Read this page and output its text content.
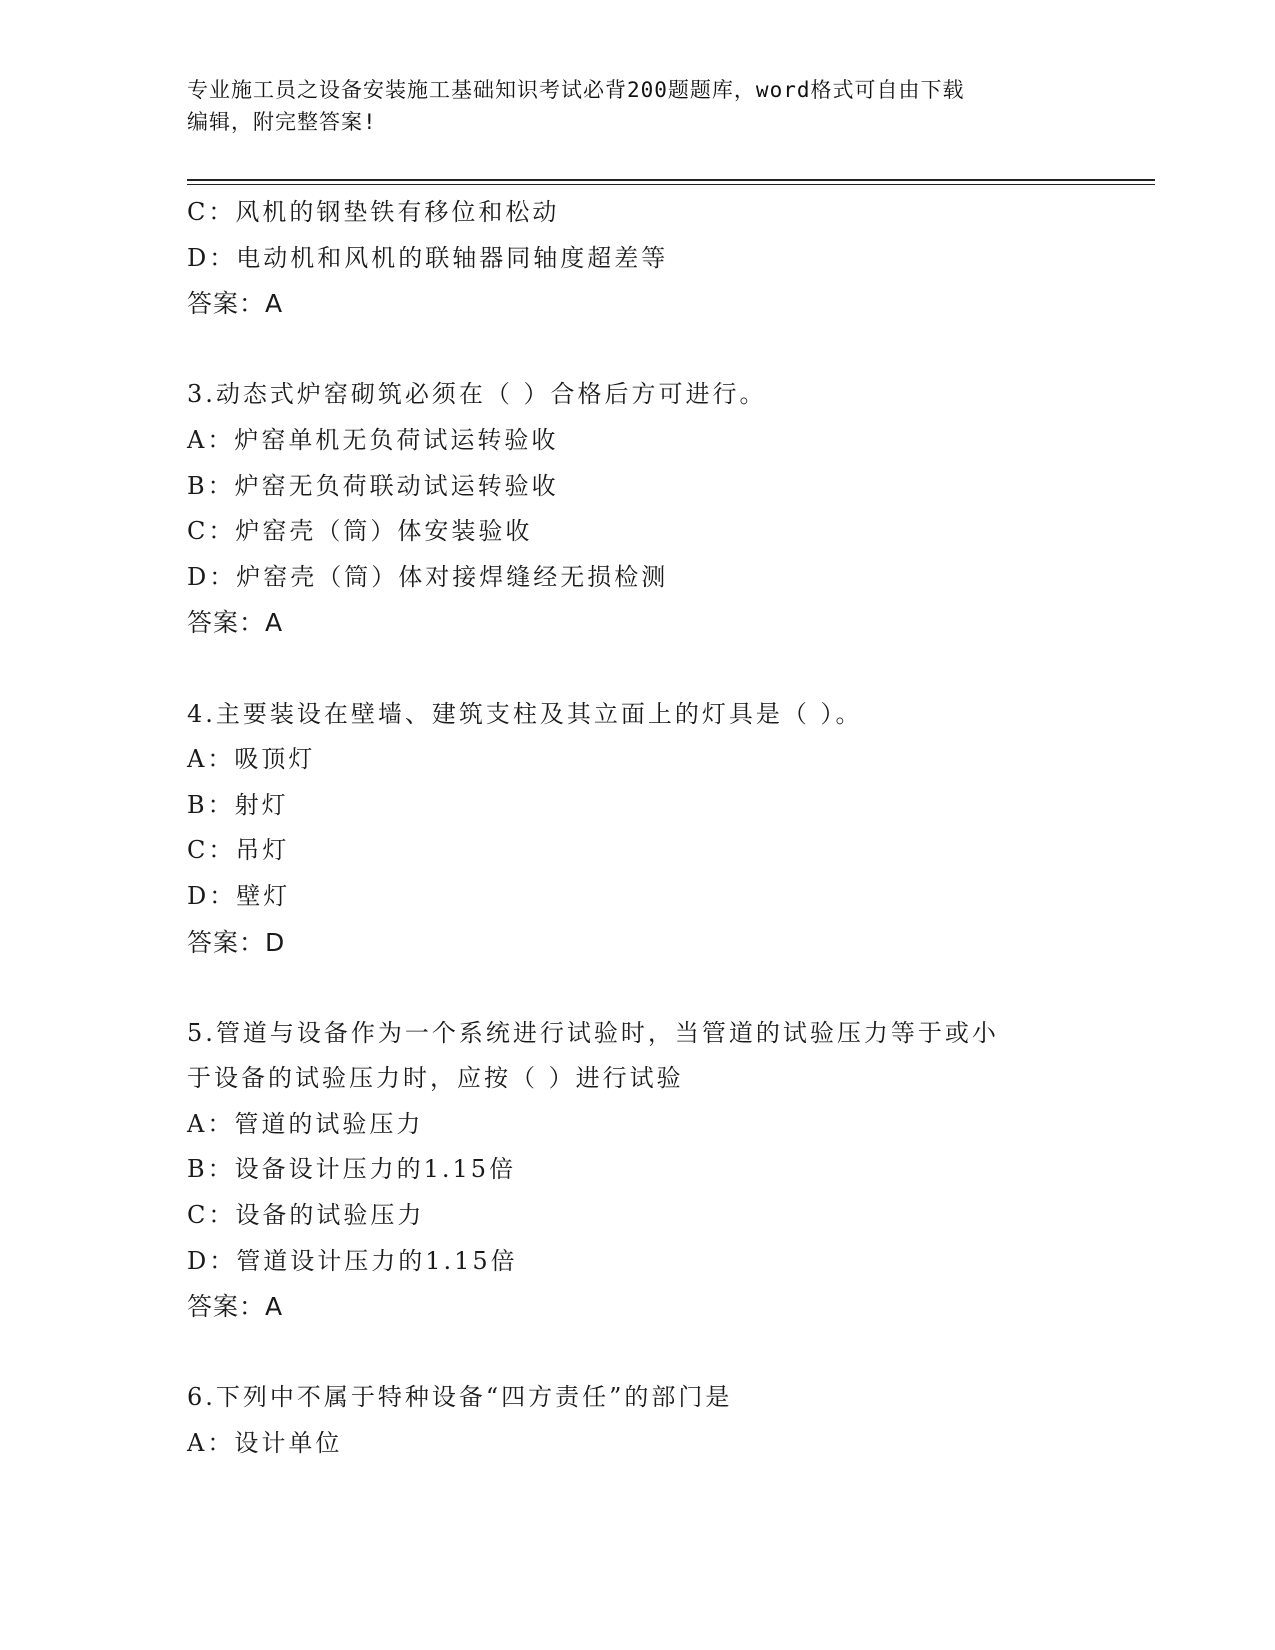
专业施工员之设备安装施工基础知识考试必背200题题库，word格式可自由下载
编辑，附完整答案!
C：风机的钢垫铁有移位和松动
D：电动机和风机的联轴器同轴度超差等
答案：A
3.动态式炉窑砌筑必须在（ ）合格后方可进行。
A：炉窑单机无负荷试运转验收
B：炉窑无负荷联动试运转验收
C：炉窑壳（筒）体安装验收
D：炉窑壳（筒）体对接焊缝经无损检测
答案：A
4.主要装设在壁墙、建筑支柱及其立面上的灯具是（ ）。
A：吸顶灯
B：射灯
C：吊灯
D：壁灯
答案：D
5.管道与设备作为一个系统进行试验时，当管道的试验压力等于或小
于设备的试验压力时，应按（ ）进行试验
A：管道的试验压力
B：设备设计压力的1.15倍
C：设备的试验压力
D：管道设计压力的1.15倍
答案：A
6.下列中不属于特种设备“四方责任”的部门是
A：设计单位
